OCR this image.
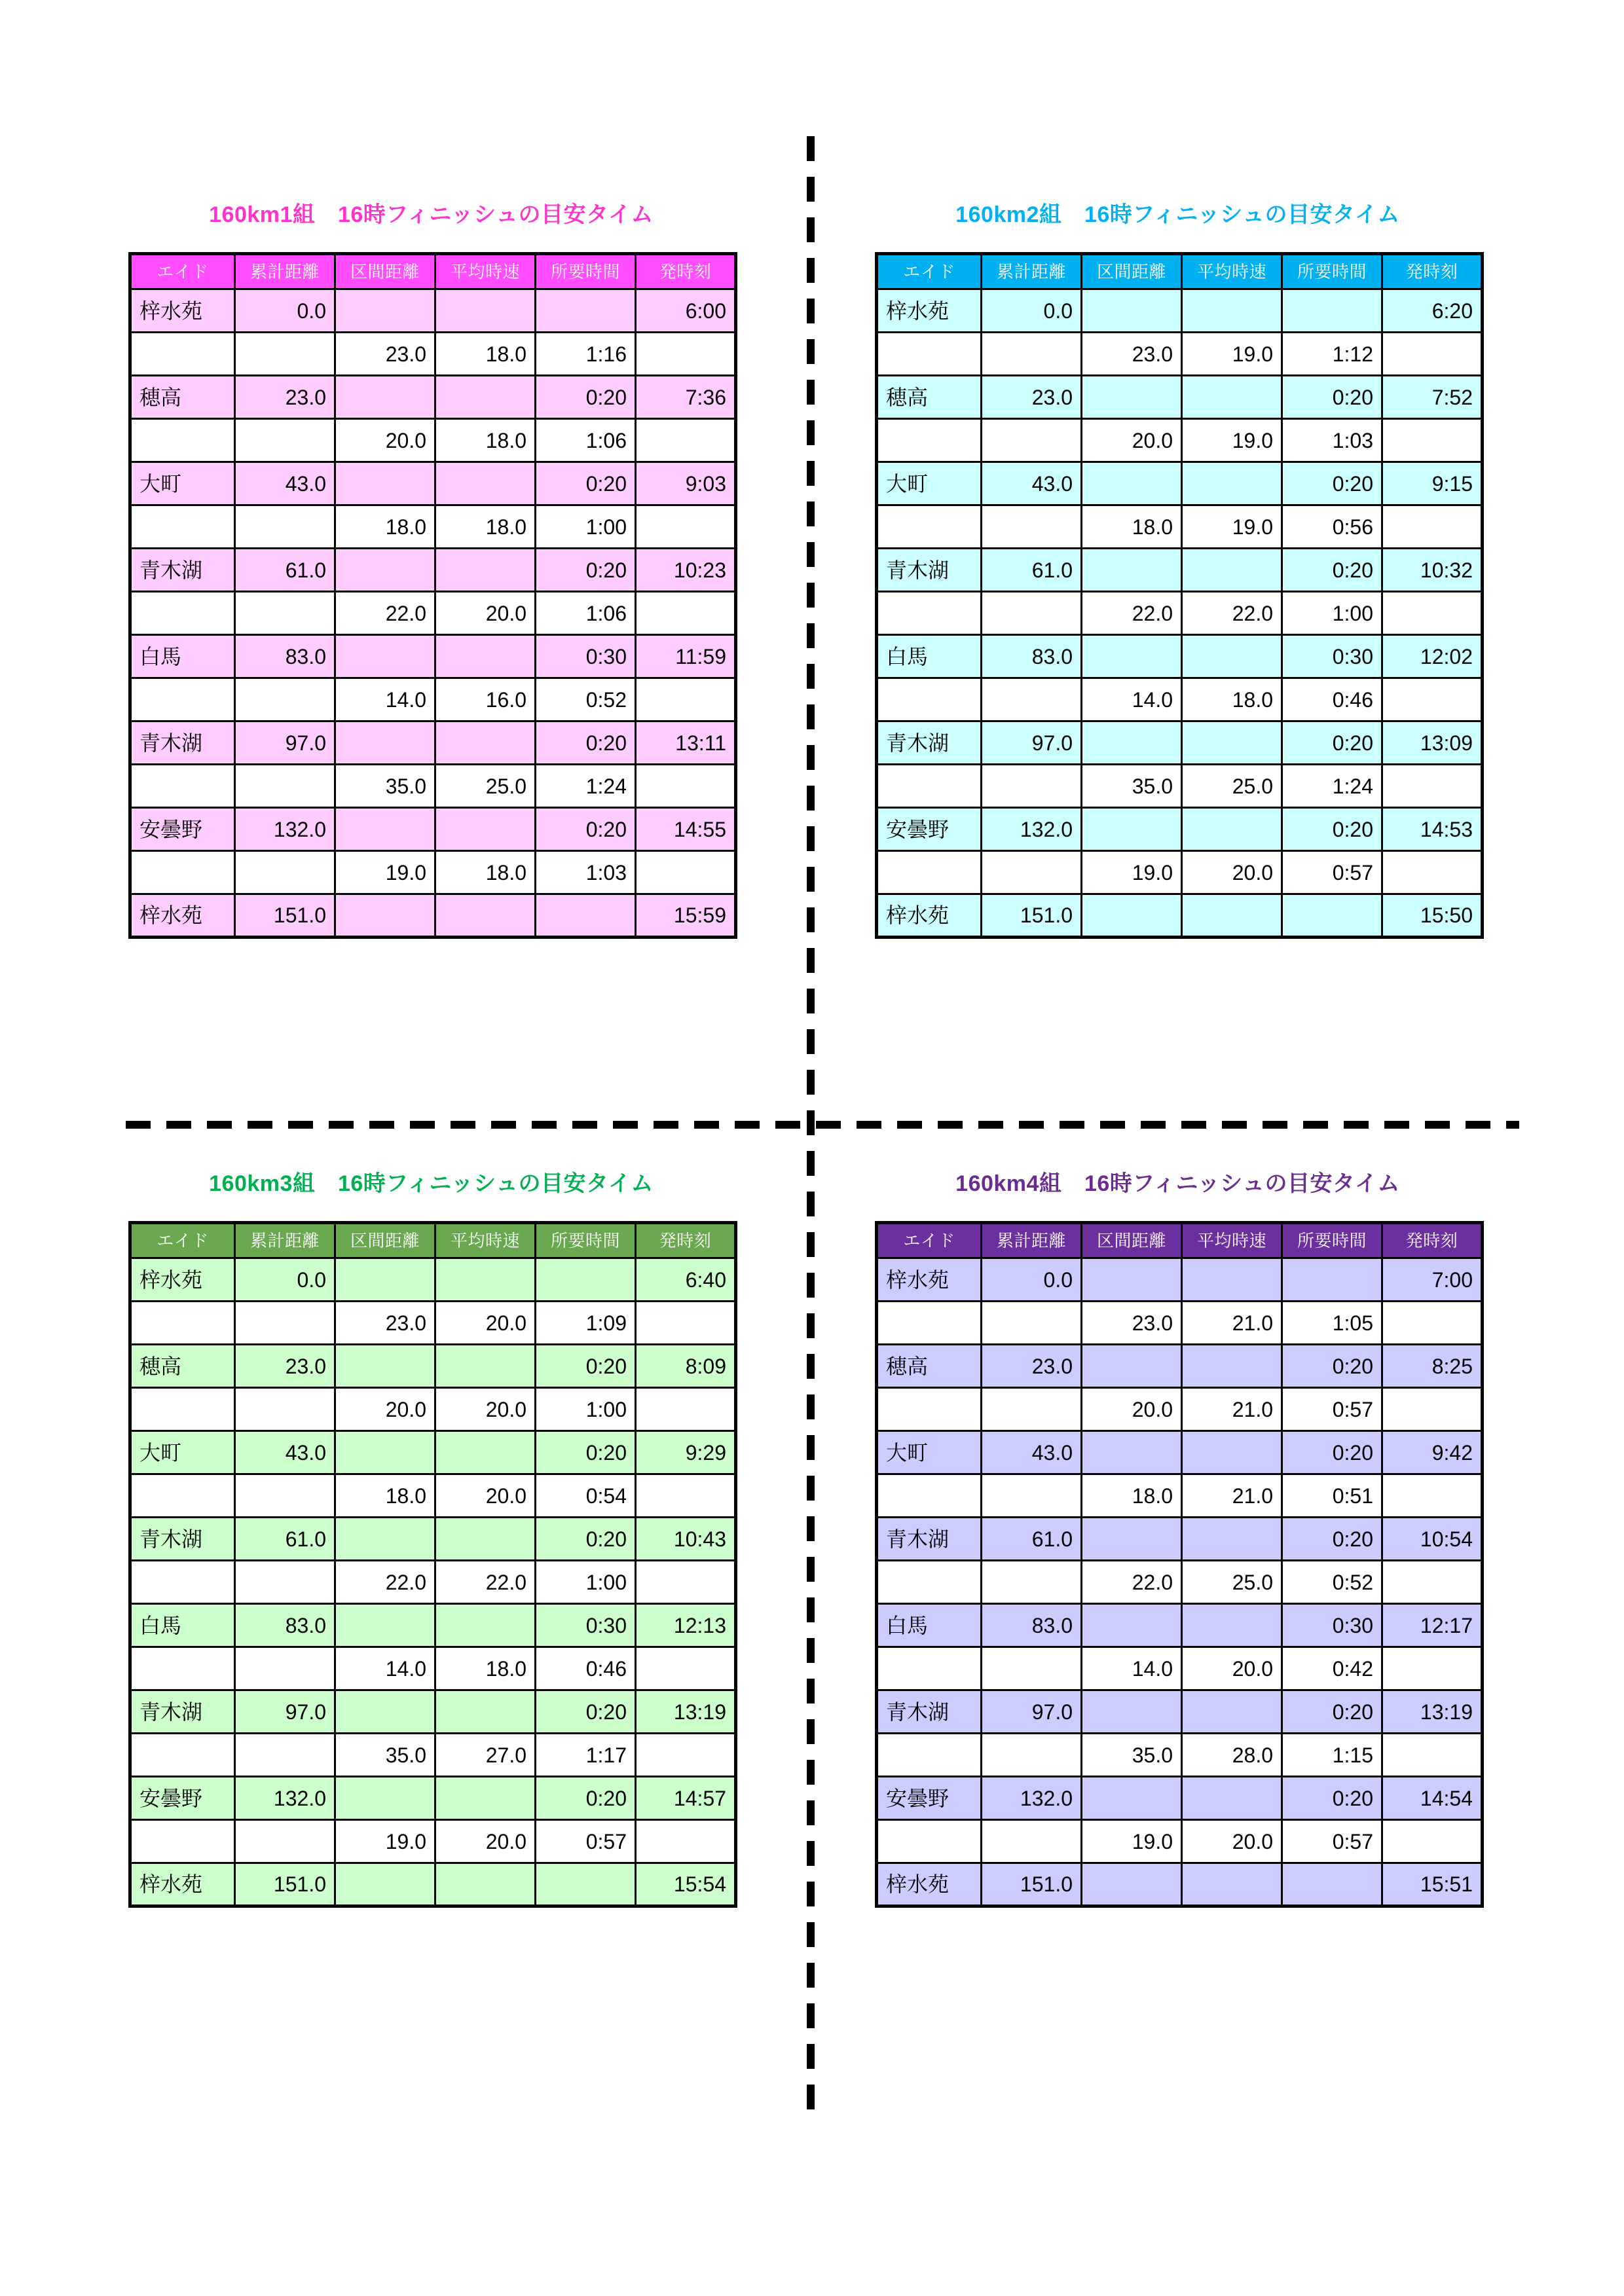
160km1組　16時フィニッシュの目安タイム
エイド	累計距離	区間距離	平均時速	所要時間	発時刻
梓水苑	0.0				6:00
		23.0	18.0	1:16	
穂高	23.0			0:20	7:36
		20.0	18.0	1:06	
大町	43.0			0:20	9:03
		18.0	18.0	1:00	
青木湖	61.0			0:20	10:23
		22.0	20.0	1:06	
白馬	83.0			0:30	11:59
		14.0	16.0	0:52	
青木湖	97.0			0:20	13:11
		35.0	25.0	1:24	
安曇野	132.0			0:20	14:55
		19.0	18.0	1:03	
梓水苑	151.0				15:59
160km2組　16時フィニッシュの目安タイム
エイド	累計距離	区間距離	平均時速	所要時間	発時刻
梓水苑	0.0				6:20
		23.0	19.0	1:12	
穂高	23.0			0:20	7:52
		20.0	19.0	1:03	
大町	43.0			0:20	9:15
		18.0	19.0	0:56	
青木湖	61.0			0:20	10:32
		22.0	22.0	1:00	
白馬	83.0			0:30	12:02
		14.0	18.0	0:46	
青木湖	97.0			0:20	13:09
		35.0	25.0	1:24	
安曇野	132.0			0:20	14:53
		19.0	20.0	0:57	
梓水苑	151.0				15:50
160km3組　16時フィニッシュの目安タイム
エイド	累計距離	区間距離	平均時速	所要時間	発時刻
梓水苑	0.0				6:40
		23.0	20.0	1:09	
穂高	23.0			0:20	8:09
		20.0	20.0	1:00	
大町	43.0			0:20	9:29
		18.0	20.0	0:54	
青木湖	61.0			0:20	10:43
		22.0	22.0	1:00	
白馬	83.0			0:30	12:13
		14.0	18.0	0:46	
青木湖	97.0			0:20	13:19
		35.0	27.0	1:17	
安曇野	132.0			0:20	14:57
		19.0	20.0	0:57	
梓水苑	151.0				15:54
160km4組　16時フィニッシュの目安タイム
エイド	累計距離	区間距離	平均時速	所要時間	発時刻
梓水苑	0.0				7:00
		23.0	21.0	1:05	
穂高	23.0			0:20	8:25
		20.0	21.0	0:57	
大町	43.0			0:20	9:42
		18.0	21.0	0:51	
青木湖	61.0			0:20	10:54
		22.0	25.0	0:52	
白馬	83.0			0:30	12:17
		14.0	20.0	0:42	
青木湖	97.0			0:20	13:19
		35.0	28.0	1:15	
安曇野	132.0			0:20	14:54
		19.0	20.0	0:57	
梓水苑	151.0				15:51
